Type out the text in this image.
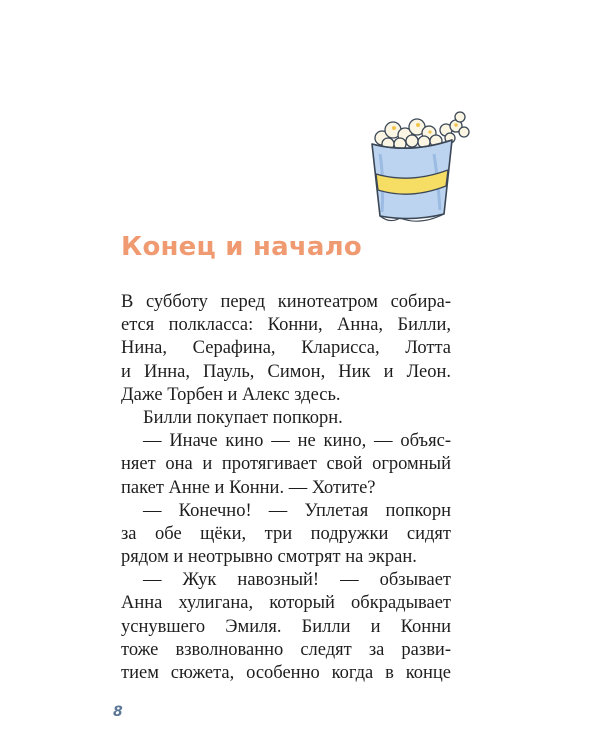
Конец и начало
В субботу перед кинотеатром собира-
ется полкласса: Конни, Анна, Билли,
Нина, Серафина, Кларисса, Лотта
и Инна, Пауль, Симон, Ник и Леон.
Даже Торбен и Алекс здесь.
Билли покупает попкорн.
— Иначе кино — не кино, — объяс-
няет она и протягивает свой огромный
пакет Анне и Конни. — Хотите?
— Конечно! — Уплетая попкорн
за обе щёки, три подружки сидят
рядом и неотрывно смотрят на экран.
— Жук навозный! — обзывает
Анна хулигана, который обкрадывает
уснувшего Эмиля. Билли и Конни
тоже взволнованно следят за разви-
тием сюжета, особенно когда в конце
8
